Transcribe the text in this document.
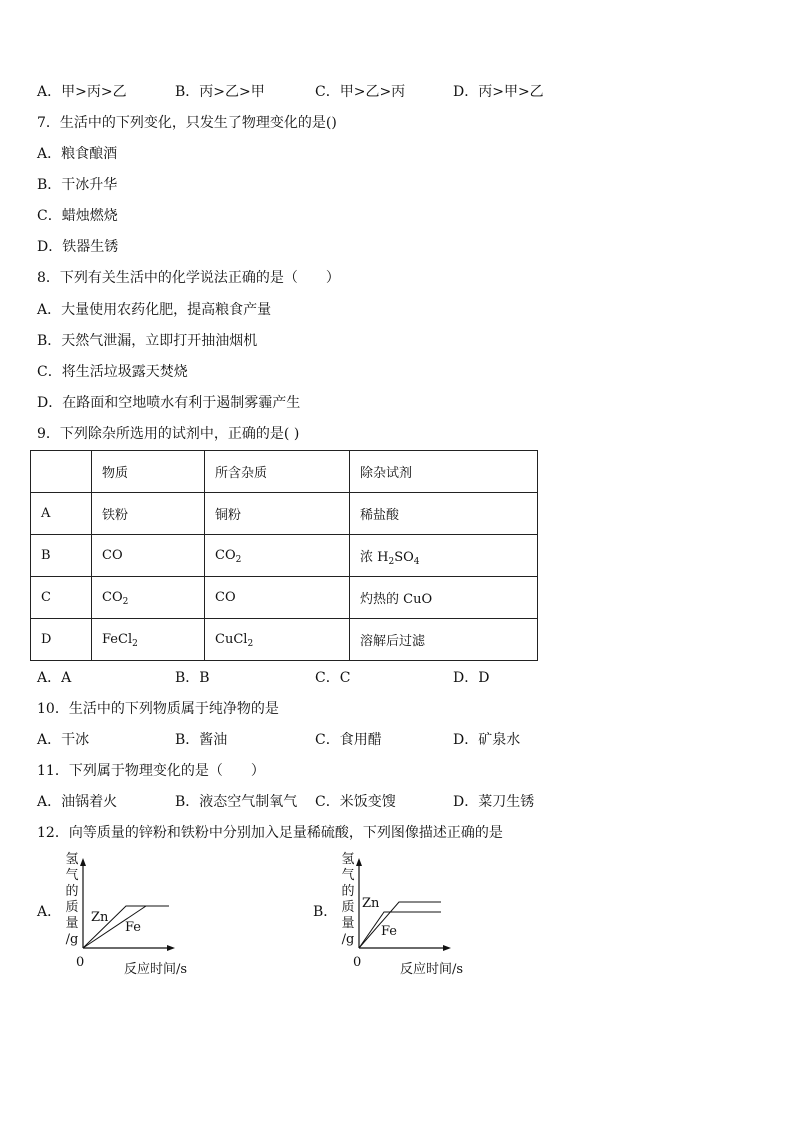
A．甲>丙>乙	B．丙>乙>甲	C．甲>乙>丙	D．丙>甲>乙
7．生活中的下列变化，只发生了物理变化的是()
A．粮食酿酒
B．干冰升华
C．蜡烛燃烧
D．铁器生锈
8．下列有关生活中的化学说法正确的是（　　）
A．大量使用农药化肥，提高粮食产量
B．天然气泄漏，立即打开抽油烟机
C．将生活垃圾露天焚烧
D．在路面和空地喷水有利于遏制雾霾产生
9．下列除杂所选用的试剂中，正确的是( )
	物质	所含杂质	除杂试剂
A	铁粉	铜粉	稀盐酸
B	CO	$CO_2$	浓 $H_2SO_4$
C	$CO_2$	CO	灼热的 CuO
D	FeCl$_2$	CuCl$_2$	溶解后过滤
A．A	B．B	C．C	D．D
10．生活中的下列物质属于纯净物的是
A．干冰	B．酱油	C．食用醋	D．矿泉水
11．下列属于物理变化的是（　　）
A．油锅着火	B．液态空气制氧气 C．米饭变馊	D．菜刀生锈
12．向等质量的锌粉和铁粉中分别加入足量稀硫酸，下列图像描述正确的是
A．
氢
气
的
质
量
/g
Zn
Fe
0	反应时间/s
B．
氢
气
的
质
量
/g
Zn
Fe
0	反应时间/s
